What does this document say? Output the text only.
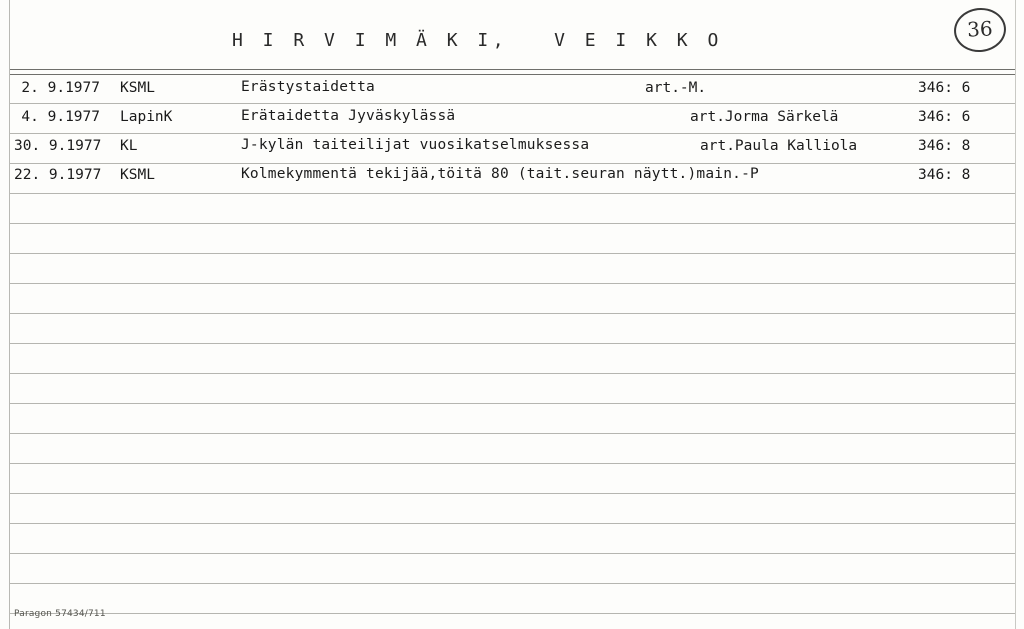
H I R V I M Ä K I,   V E I K K O	36
2. 9.1977 KSML	Erästystaidetta	art.-M.	346: 6
4. 9.1977 LapinK	Erätaidetta Jyväskylässä	art.Jorma Särkelä	346: 6
30. 9.1977 KL	J-kylän taiteilijat vuosikatselmuksessa	art.Paula Kalliola	346: 8
22. 9.1977 KSML	Kolmekymmentä tekijää,töitä 80 (tait.seuran näytt.)main.-P	346: 8
Paragon 57434/711
